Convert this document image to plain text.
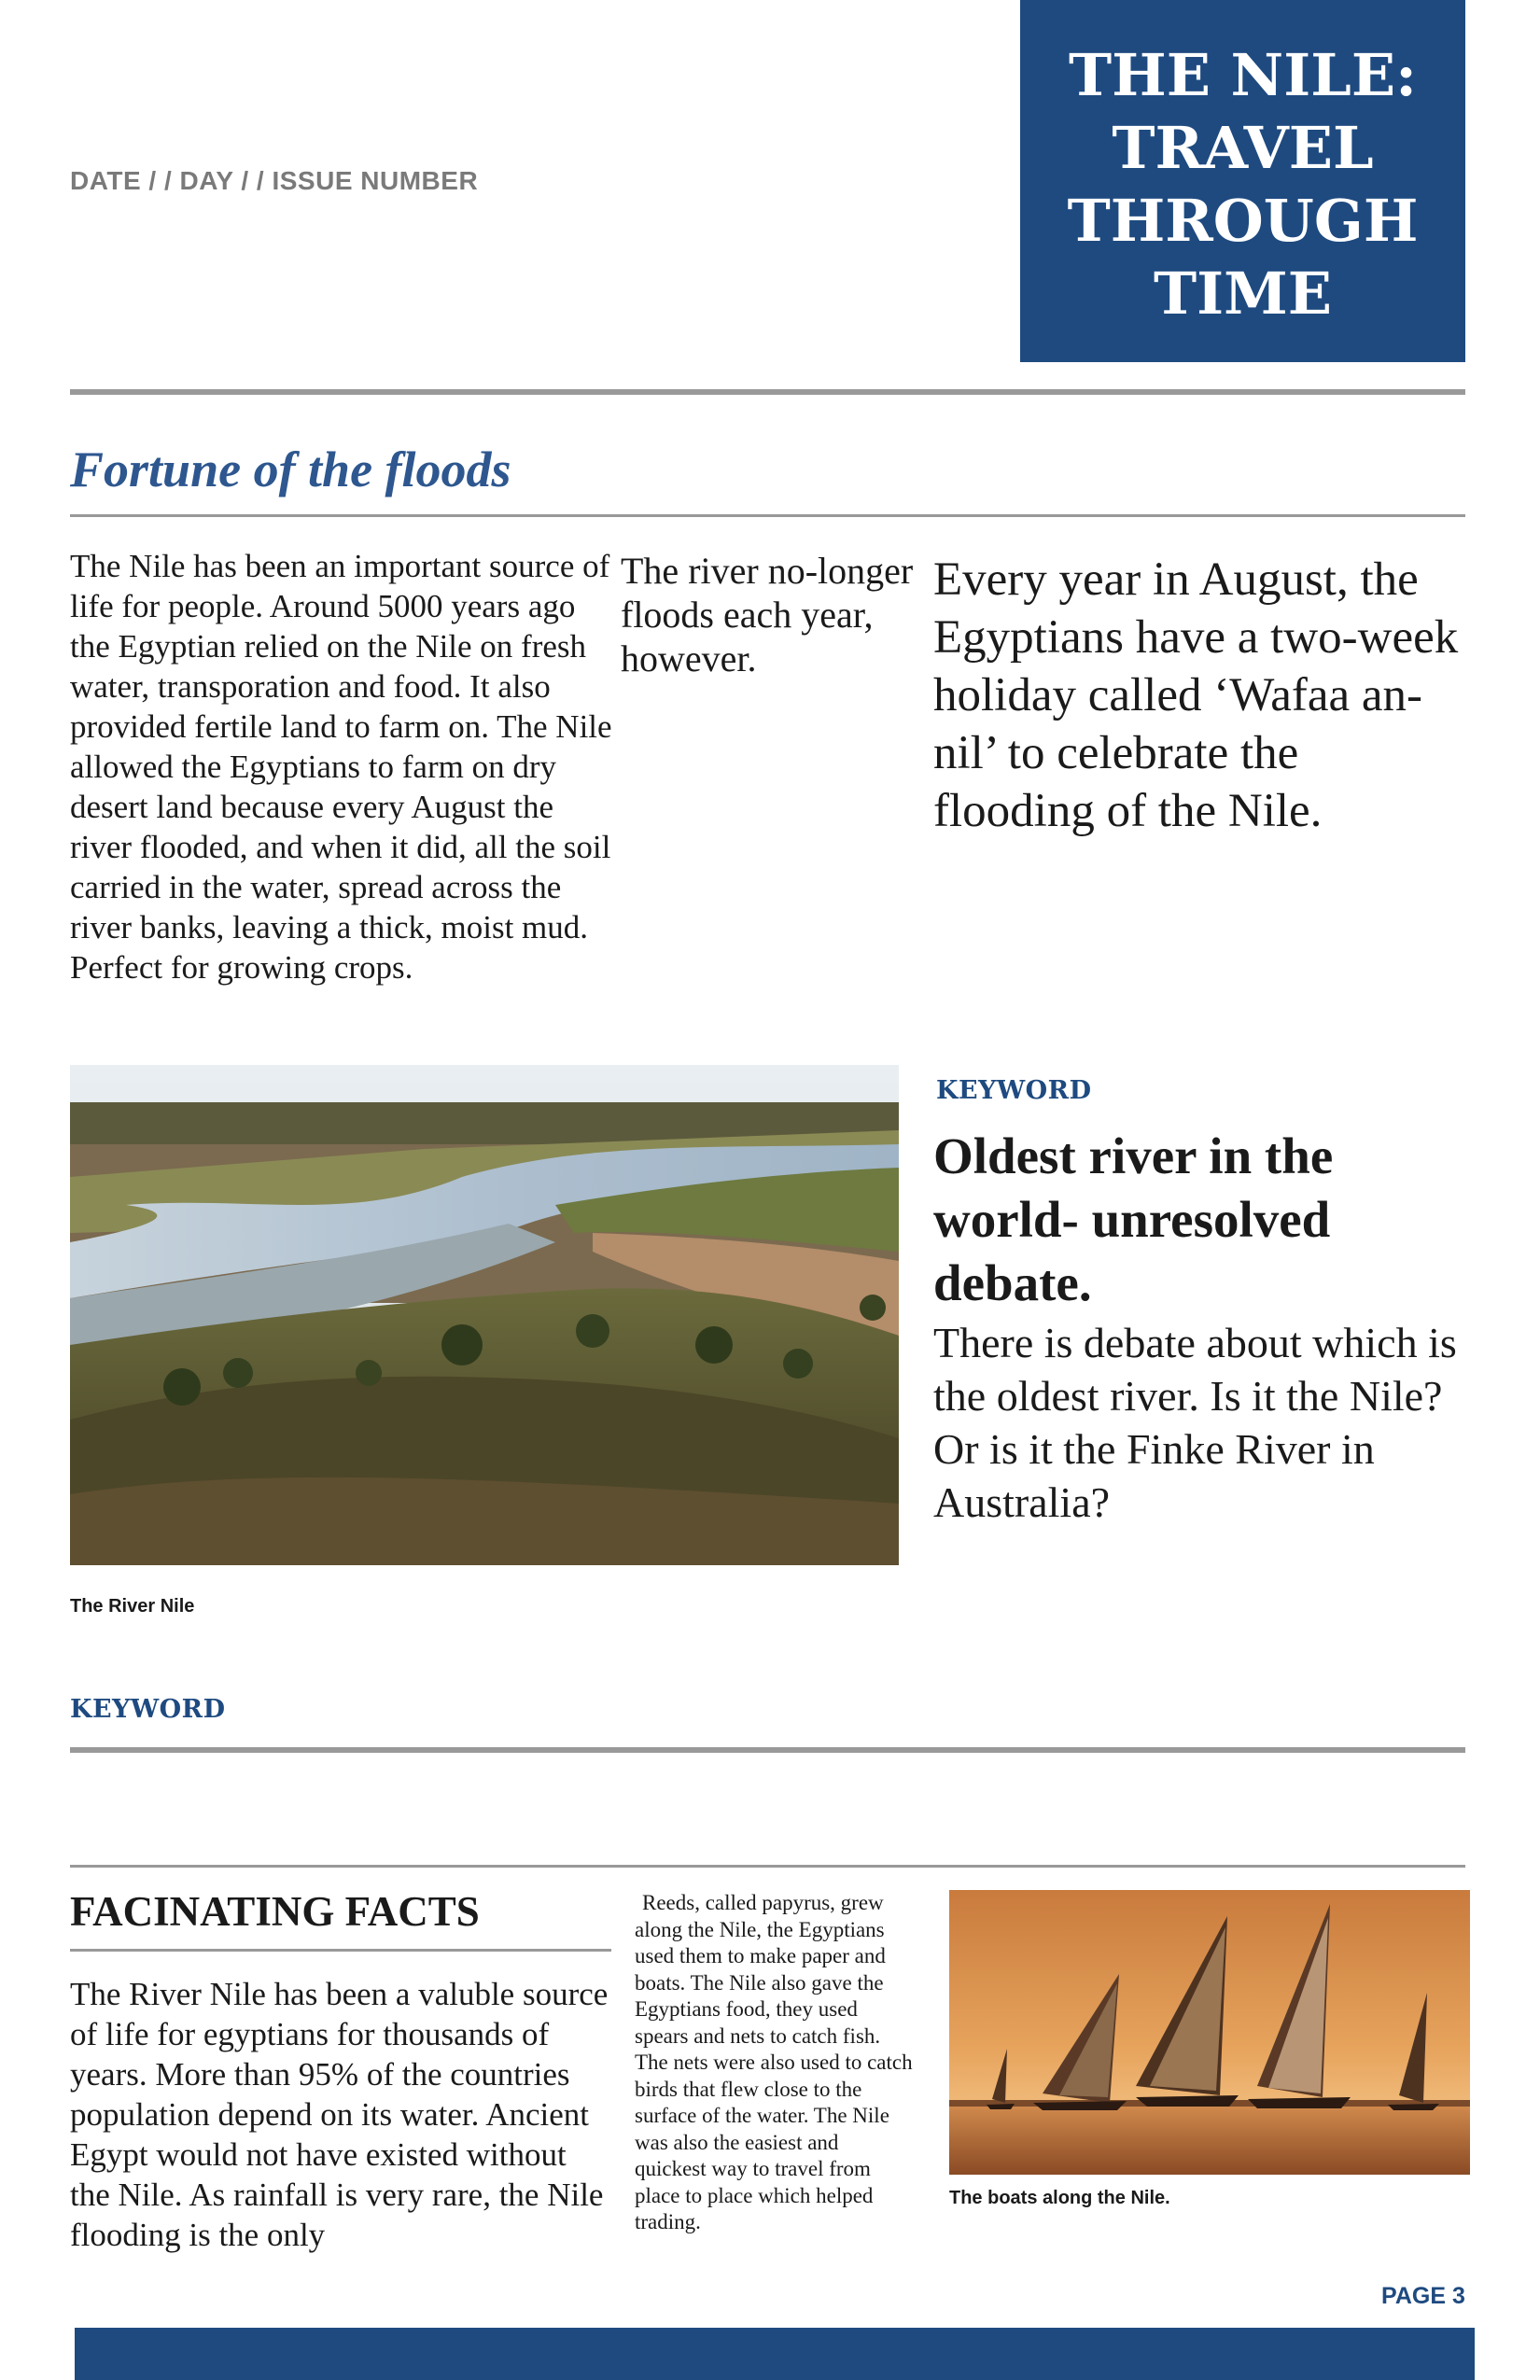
DATE / / DAY / / ISSUE NUMBER
THE NILE:
TRAVEL
THROUGH
TIME
Fortune of the floods
The Nile has been an important source of life for people. Around 5000 years ago the Egyptian relied on the Nile on fresh water, transporation and food. It also provided fertile land to farm on. The Nile allowed the Egyptians to farm on dry desert land because every August the river flooded, and when it did, all the soil carried in the water, spread across the river banks, leaving a thick, moist mud. Perfect for growing crops.
The river no-longer floods each year, however.
Every year in August, the Egyptians have a two-week holiday called ‘Wafaa an-nil’ to celebrate the flooding of the Nile.
The River Nile
KEYWORD
Oldest river in the world- unresolved debate.
There is debate about which is the oldest river. Is it the Nile? Or is it the Finke River in Australia?
KEYWORD
FACINATING FACTS
The River Nile has been a valuble source of life for egyptians for thousands of years. More than 95% of the countries population depend on its water. Ancient Egypt would not have existed without the Nile. As rainfall is very rare, the Nile flooding is the only
Reeds, called papyrus, grew along the Nile, the Egyptians used them to make paper and boats. The Nile also gave the Egyptians food, they used spears and nets to catch fish. The nets were also used to catch birds that flew close to the surface of the water. The Nile was also the easiest and quickest way to travel from place to place which helped trading.
The boats along the Nile.
PAGE 3
